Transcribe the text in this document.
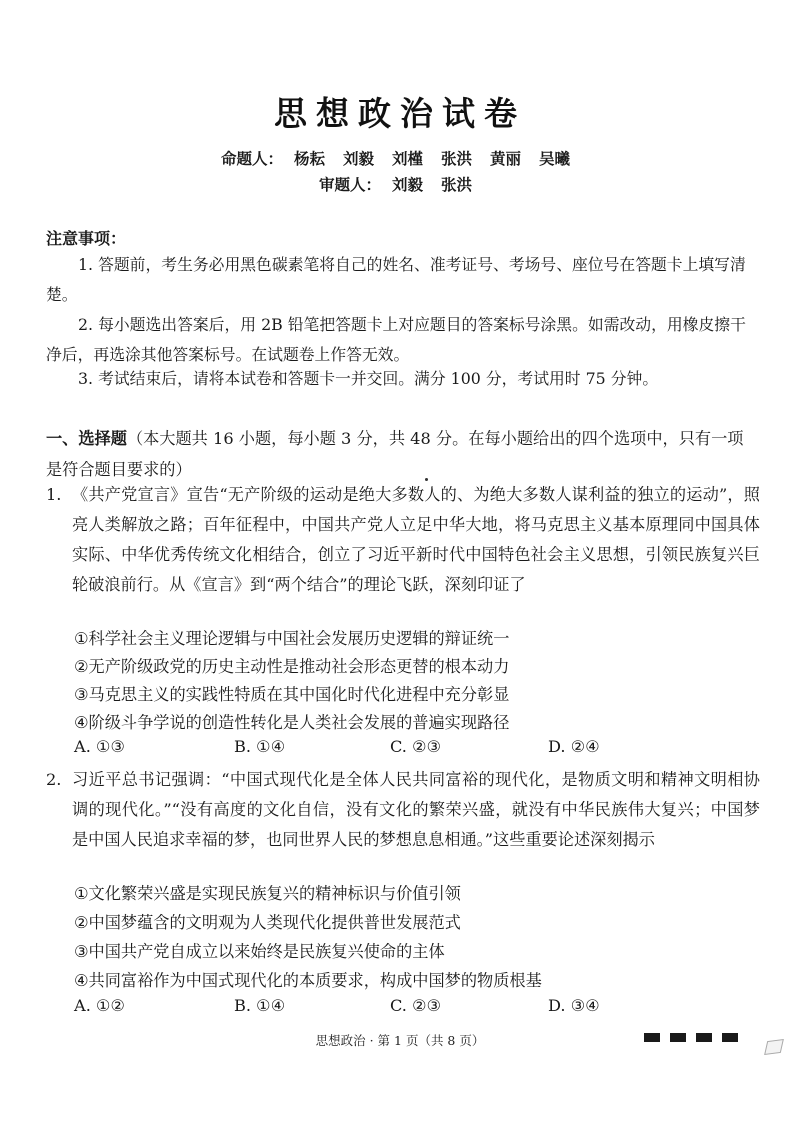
思想政治试卷
命题人： 杨耘 刘毅 刘槿 张洪 黄丽 吴曦
审题人： 刘毅 张洪
注意事项：
1. 答题前，考生务必用黑色碳素笔将自己的姓名、准考证号、考场号、座位号在答题卡上填写清楚。
2. 每小题选出答案后，用 2B 铅笔把答题卡上对应题目的答案标号涂黑。如需改动，用橡皮擦干净后，再选涂其他答案标号。在试题卷上作答无效。
3. 考试结束后，请将本试卷和答题卡一并交回。满分 100 分，考试用时 75 分钟。
一、选择题（本大题共 16 小题，每小题 3 分，共 48 分。在每小题给出的四个选项中，只有一项是符合题目要求的）
1. 《共产党宣言》宣告“无产阶级的运动是绝大多数人的、为绝大多数人谋利益的独立的运动”，照亮人类解放之路；百年征程中，中国共产党人立足中华大地，将马克思主义基本原理同中国具体实际、中华优秀传统文化相结合，创立了习近平新时代中国特色社会主义思想，引领民族复兴巨轮破浪前行。从《宣言》到“两个结合”的理论飞跃，深刻印证了
①科学社会主义理论逻辑与中国社会发展历史逻辑的辩证统一
②无产阶级政党的历史主动性是推动社会形态更替的根本动力
③马克思主义的实践性特质在其中国化时代化进程中充分彰显
④阶级斗争学说的创造性转化是人类社会发展的普遍实现路径
A. ①③	B. ①④	C. ②③	D. ②④
2. 习近平总书记强调：“中国式现代化是全体人民共同富裕的现代化，是物质文明和精神文明相协调的现代化。”“没有高度的文化自信，没有文化的繁荣兴盛，就没有中华民族伟大复兴；中国梦是中国人民追求幸福的梦，也同世界人民的梦想息息相通。”这些重要论述深刻揭示
①文化繁荣兴盛是实现民族复兴的精神标识与价值引领
②中国梦蕴含的文明观为人类现代化提供普世发展范式
③中国共产党自成立以来始终是民族复兴使命的主体
④共同富裕作为中国式现代化的本质要求，构成中国梦的物质根基
A. ①②	B. ①④	C. ②③	D. ③④
思想政治 · 第 1 页（共 8 页）
